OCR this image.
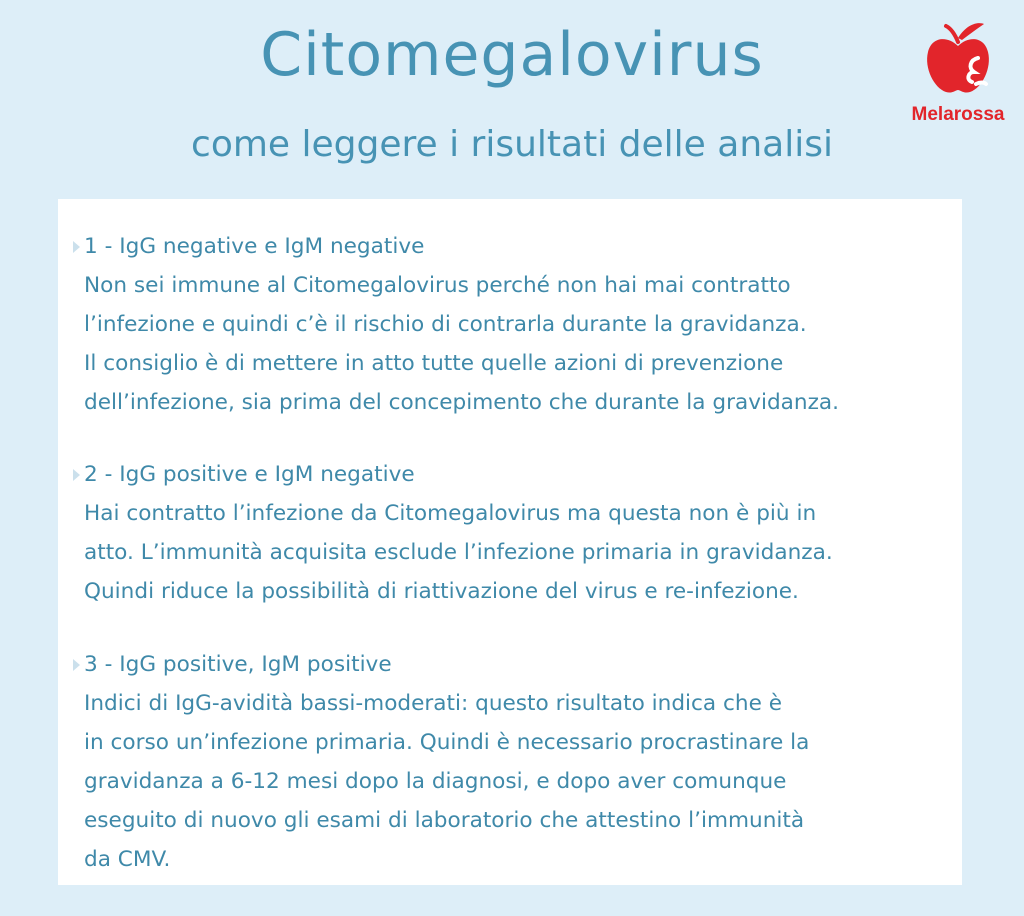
Citomegalovirus
come leggere i risultati delle analisi
Melarossa
1 - IgG negative e IgM negative
Non sei immune al Citomegalovirus perché non hai mai contratto
l’infezione e quindi c’è il rischio di contrarla durante la gravidanza.
Il consiglio è di mettere in atto tutte quelle azioni di prevenzione
dell’infezione, sia prima del concepimento che durante la gravidanza.
2 - IgG positive e IgM negative
Hai contratto l’infezione da Citomegalovirus ma questa non è più in
atto. L’immunità acquisita esclude l’infezione primaria in gravidanza.
Quindi riduce la possibilità di riattivazione del virus e re-infezione.
3 - IgG positive, IgM positive
Indici di IgG-avidità bassi-moderati: questo risultato indica che è
in corso un’infezione primaria. Quindi è necessario procrastinare la
gravidanza a 6-12 mesi dopo la diagnosi, e dopo aver comunque
eseguito di nuovo gli esami di laboratorio che attestino l’immunità
da CMV.
